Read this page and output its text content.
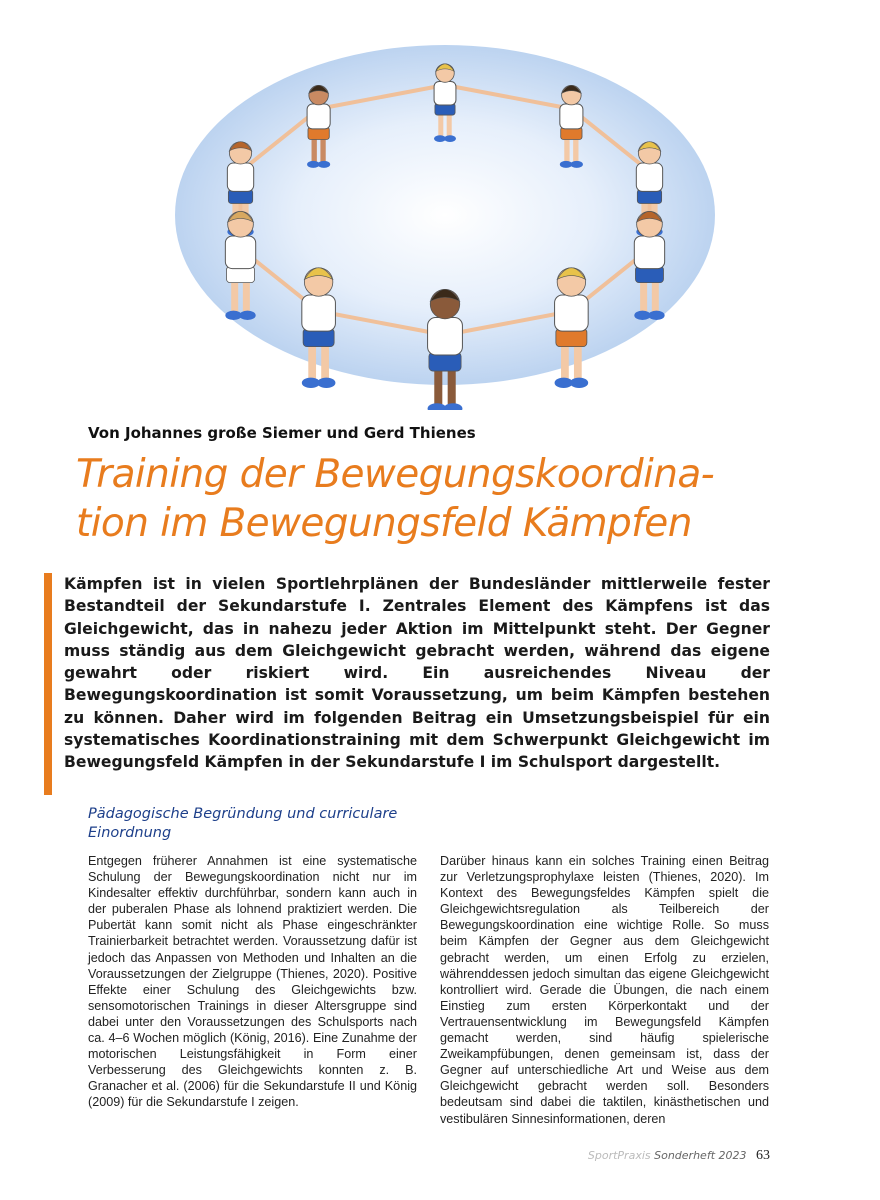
Von Johannes große Siemer und Gerd Thienes
Training der Bewegungskoordina-
tion im Bewegungsfeld Kämpfen

Kämpfen ist in vielen Sportlehrplänen der Bundesländer mittlerweile fester Bestandteil der Sekundarstufe I. Zentrales Element des Kämpfens ist das Gleichgewicht, das in nahezu jeder Aktion im Mittelpunkt steht. Der Gegner muss ständig aus dem Gleichgewicht gebracht werden, während das eigene gewahrt oder riskiert wird. Ein ausreichendes Niveau der Bewegungskoordination ist somit Voraussetzung, um beim Kämpfen bestehen zu können. Daher wird im folgenden Beitrag ein Umsetzungsbeispiel für ein systematisches Koordinationstraining mit dem Schwerpunkt Gleichgewicht im Bewegungsfeld Kämpfen in der Sekundarstufe I im Schulsport dargestellt.

Pädagogische Begründung und curriculare Einordnung

Entgegen früherer Annahmen ist eine systematische Schulung der Bewegungskoordination nicht nur im Kindesalter effektiv durchführbar, sondern kann auch in der puberalen Phase als lohnend praktiziert werden. Die Pubertät kann somit nicht als Phase eingeschränkter Trainierbarkeit betrachtet werden. Voraussetzung dafür ist jedoch das Anpassen von Methoden und Inhalten an die Voraussetzungen der Zielgruppe (Thienes, 2020). Positive Effekte einer Schulung des Gleichgewichts bzw. sensomotorischen Trainings in dieser Altersgruppe sind dabei unter den Voraussetzungen des Schulsports nach ca. 4–6 Wochen möglich (König, 2016). Eine Zunahme der motorischen Leistungsfähigkeit in Form einer Verbesserung des Gleichgewichts konnten z. B. Granacher et al. (2006) für die Sekundarstufe II und König (2009) für die Sekundarstufe I zeigen.

Darüber hinaus kann ein solches Training einen Beitrag zur Verletzungsprophylaxe leisten (Thienes, 2020). Im Kontext des Bewegungsfeldes Kämpfen spielt die Gleichgewichtsregulation als Teilbereich der Bewegungskoordination eine wichtige Rolle. So muss beim Kämpfen der Gegner aus dem Gleichgewicht gebracht werden, um einen Erfolg zu erzielen, währenddessen jedoch simultan das eigene Gleichgewicht kontrolliert wird. Gerade die Übungen, die nach einem Einstieg zum ersten Körperkontakt und der Vertrauensentwicklung im Bewegungsfeld Kämpfen gemacht werden, sind häufig spielerische Zweikampfübungen, denen gemeinsam ist, dass der Gegner auf unterschiedliche Art und Weise aus dem Gleichgewicht gebracht werden soll. Besonders bedeutsam sind dabei die taktilen, kinästhetischen und vestibulären Sinnesinformationen, deren

SportPraxis Sonderheft 2023 63
